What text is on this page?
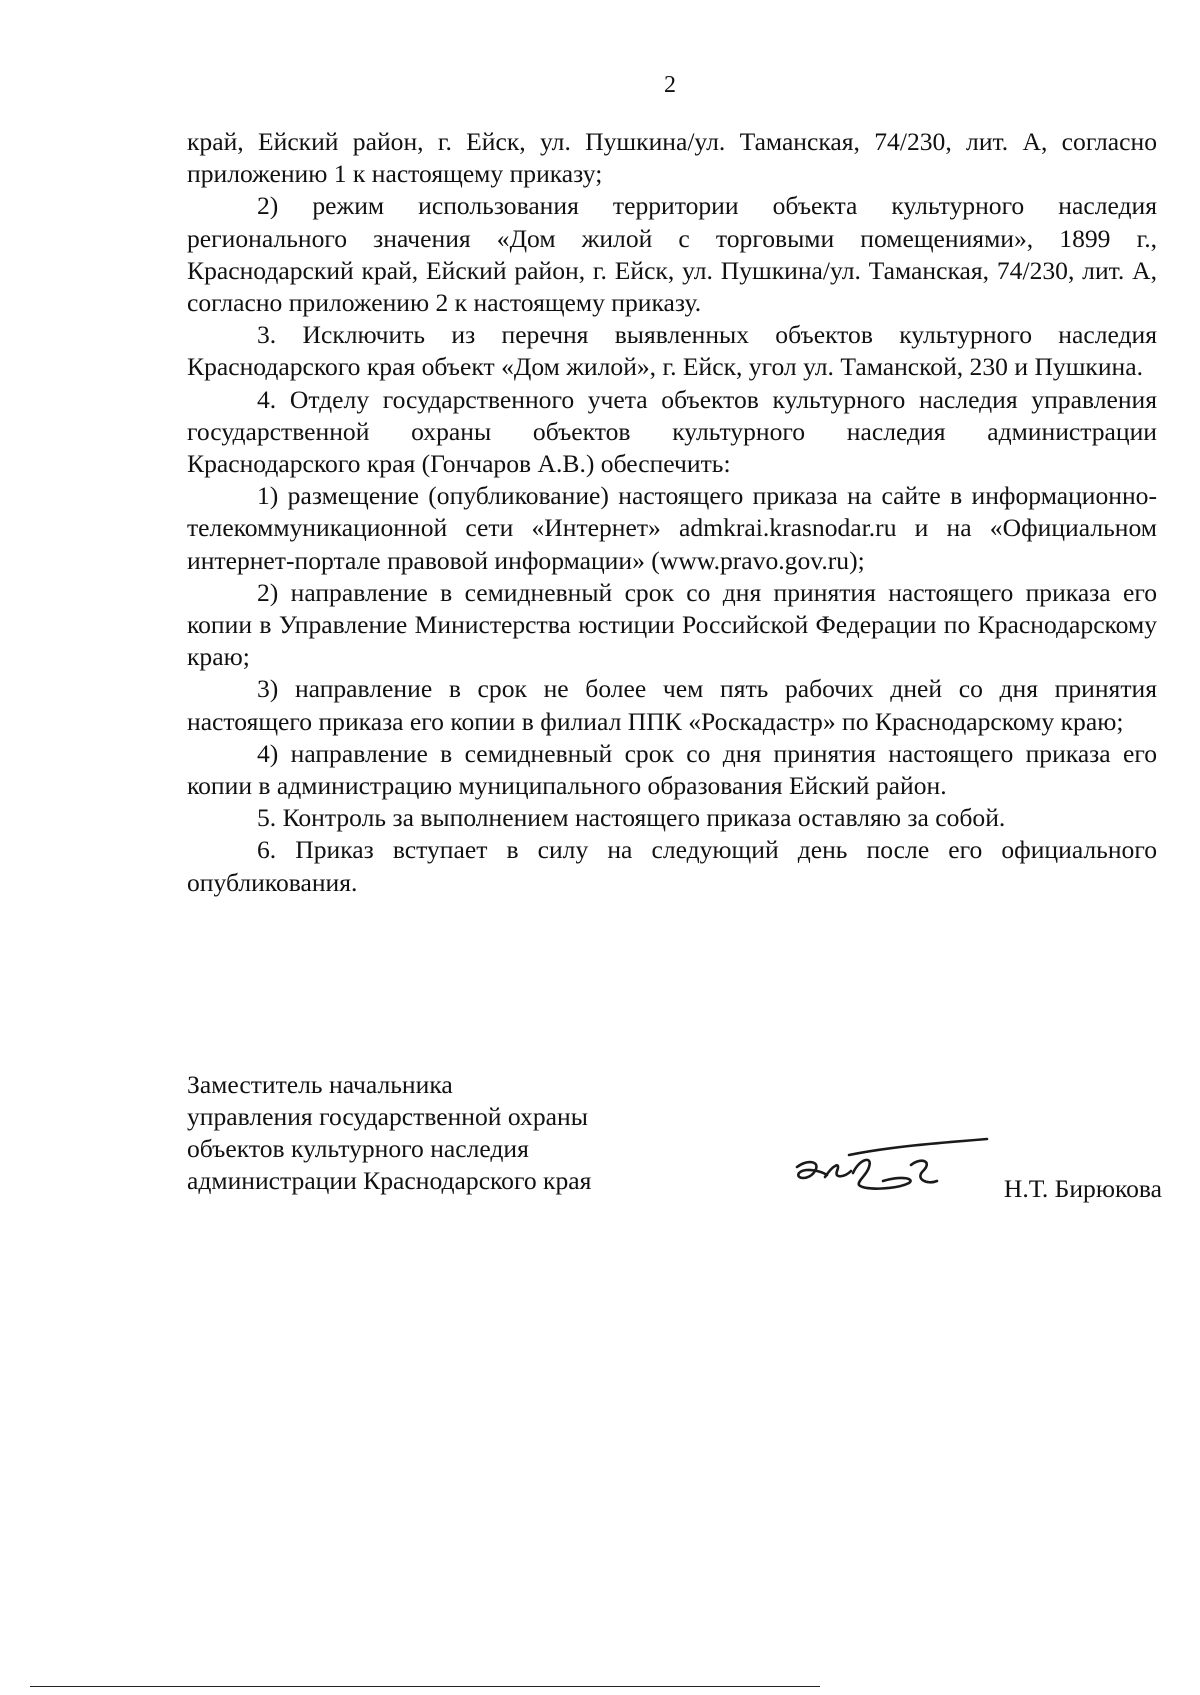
2

край, Ейский район, г. Ейск, ул. Пушкина/ул. Таманская, 74/230, лит. А, согласно приложению 1 к настоящему приказу;

2) режим использования территории объекта культурного наследия регионального значения «Дом жилой с торговыми помещениями», 1899 г., Краснодарский край, Ейский район, г. Ейск, ул. Пушкина/ул. Таманская, 74/230, лит. А, согласно приложению 2 к настоящему приказу.

3. Исключить из перечня выявленных объектов культурного наследия Краснодарского края объект «Дом жилой», г. Ейск, угол ул. Таманской, 230 и Пушкина.

4. Отделу государственного учета объектов культурного наследия управления государственной охраны объектов культурного наследия администрации Краснодарского края (Гончаров А.В.) обеспечить:

1) размещение (опубликование) настоящего приказа на сайте в информационно-телекоммуникационной сети «Интернет» admkrai.krasnodar.ru и на «Официальном интернет-портале правовой информации» (www.pravo.gov.ru);

2) направление в семидневный срок со дня принятия настоящего приказа его копии в Управление Министерства юстиции Российской Федерации по Краснодарскому краю;

3) направление в срок не более чем пять рабочих дней со дня принятия настоящего приказа его копии в филиал ППК «Роскадастр» по Краснодарскому краю;

4) направление в семидневный срок со дня принятия настоящего приказа его копии в администрацию муниципального образования Ейский район.

5. Контроль за выполнением настоящего приказа оставляю за собой.

6. Приказ вступает в силу на следующий день после его официального опубликования.

Заместитель начальника
управления государственной охраны
объектов культурного наследия
администрации Краснодарского края	Н.Т. Бирюкова
